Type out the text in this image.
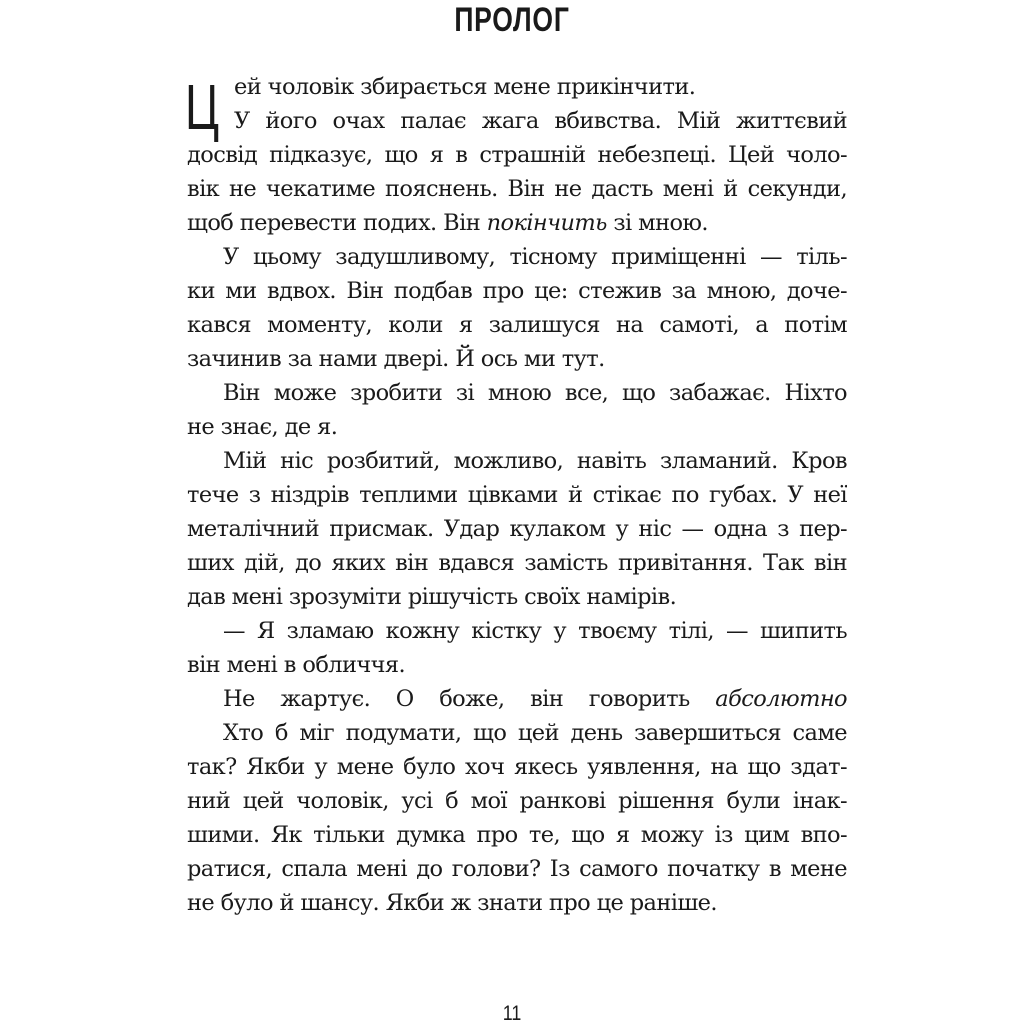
ПРОЛОГ
Ц ей чоловік збирається мене прикінчити.
У його очах палає жага вбивства. Мій життєвий
досвід підказує, що я в страшній небезпеці. Цей чоло-
вік не чекатиме пояснень. Він не дасть мені й секунди,
щоб перевести подих. Він покінчить зі мною.
У цьому задушливому, тісному приміщенні — тіль-
ки ми вдвох. Він подбав про це: стежив за мною, доче-
кався моменту, коли я залишуся на самоті, а потім
зачинив за нами двері. Й ось ми тут.
Він може зробити зі мною все, що забажає. Ніхто
не знає, де я.
Мій ніс розбитий, можливо, навіть зламаний. Кров
тече з ніздрів теплими цівками й стікає по губах. У неї
металічний присмак. Удар кулаком у ніс — одна з пер-
ших дій, до яких він вдався замість привітання. Так він
дав мені зрозуміти рішучість своїх намірів.
— Я зламаю кожну кістку у твоєму тілі, — шипить
він мені в обличчя.
Не жартує. О боже, він говорить абсолютно
Хто б міг подумати, що цей день завершиться саме
так? Якби у мене було хоч якесь уявлення, на що здат-
ний цей чоловік, усі б мої ранкові рішення були інак-
шими. Як тільки думка про те, що я можу із цим впо-
ратися, спала мені до голови? Із самого початку в мене
не було й шансу. Якби ж знати про це раніше.
11
